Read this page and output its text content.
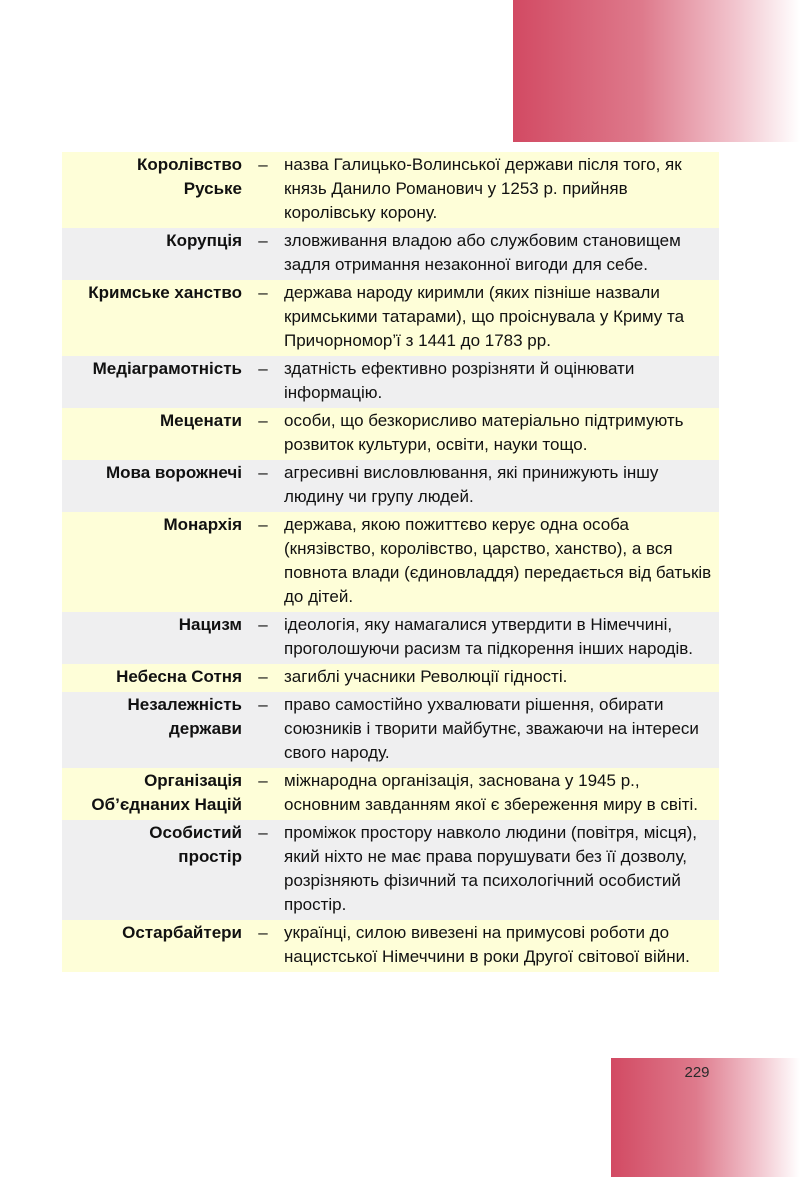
Королівство
Руське
– назва Галицько-Волинської держави після того, як князь Данило Романович у 1253 р. прийняв королівську корону.
Корупція – зловживання владою або службовим становищем задля отримання незаконної вигоди для себе.
Кримське ханство – держава народу киримли (яких пізніше назвали кримськими татарами), що проіснувала у Криму та Причорномор’ї з 1441 до 1783 рр.
Медіаграмотність – здатність ефективно розрізняти й оцінювати інформацію.
Меценати – особи, що безкорисливо матеріально підтримують розвиток культури, освіти, науки тощо.
Мова ворожнечі – агресивні висловлювання, які принижують іншу людину чи групу людей.
Монархія – держава, якою пожиттєво керує одна особа (князівство, королівство, царство, ханство), а вся повнота влади (єдиновладдя) передається від батьків до дітей.
Нацизм – ідеологія, яку намагалися утвердити в Німеччині, проголошуючи расизм та підкорення інших народів.
Небесна Сотня – загиблі учасники Революції гідності.
Незалежність
держави
– право самостійно ухвалювати рішення, обирати союзників і творити майбутнє, зважаючи на інтереси свого народу.
Організація
Об’єднаних Націй
– міжнародна організація, заснована у 1945 р., основним завданням якої є збереження миру в світі.
Особистий
простір
– проміжок простору навколо людини (повітря, місця), який ніхто не має права порушувати без її дозволу, розрізняють фізичний та психологічний особистий простір.
Остарбайтери – українці, силою вивезені на примусові роботи до нацистської Німеччини в роки Другої світової війни.
229
